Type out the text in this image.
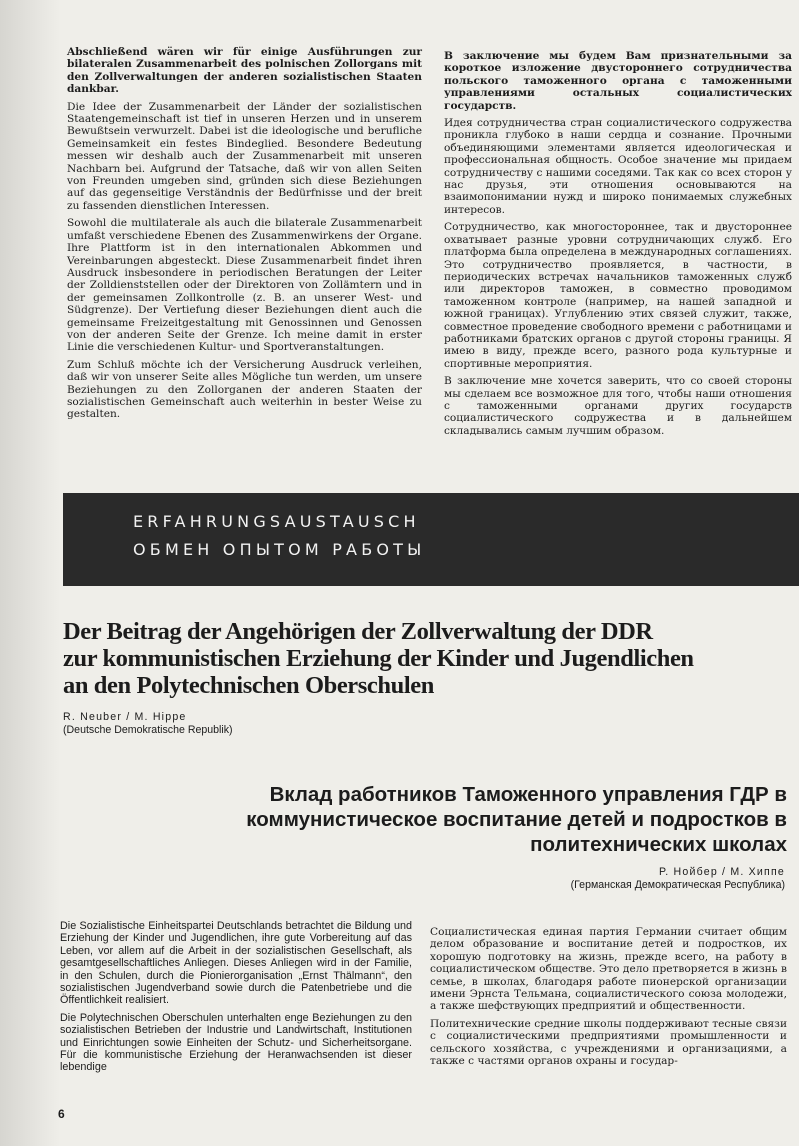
Abschließend wären wir für einige Ausführungen zur bilateralen Zusammenarbeit des polnischen Zollorgans mit den Zollverwaltungen der anderen sozialistischen Staaten dankbar.

Die Idee der Zusammenarbeit der Länder der sozialistischen Staatengemeinschaft ist tief in unseren Herzen und in unserem Bewußtsein verwurzelt. Dabei ist die ideologische und berufliche Gemeinsamkeit ein festes Bindeglied. Besondere Bedeutung messen wir deshalb auch der Zusammenarbeit mit unseren Nachbarn bei. Aufgrund der Tatsache, daß wir von allen Seiten von Freunden umgeben sind, gründen sich diese Beziehungen auf das gegenseitige Verständnis der Bedürfnisse und der breit zu fassenden dienstlichen Interessen.

Sowohl die multilaterale als auch die bilaterale Zusammenarbeit umfaßt verschiedene Ebenen des Zusammenwirkens der Organe. Ihre Plattform ist in den internationalen Abkommen und Vereinbarungen abgesteckt. Diese Zusammenarbeit findet ihren Ausdruck insbesondere in periodischen Beratungen der Leiter der Zolldienststellen oder der Direktoren von Zollämtern und in der gemeinsamen Zollkontrolle (z. B. an unserer West- und Südgrenze). Der Vertiefung dieser Beziehungen dient auch die gemeinsame Freizeitgestaltung mit Genossinnen und Genossen von der anderen Seite der Grenze. Ich meine damit in erster Linie die verschiedenen Kultur- und Sportveranstaltungen.

Zum Schluß möchte ich der Versicherung Ausdruck verleihen, daß wir von unserer Seite alles Mögliche tun werden, um unsere Beziehungen zu den Zollorganen der anderen Staaten der sozialistischen Gemeinschaft auch weiterhin in bester Weise zu gestalten.

В заключение мы будем Вам признательными за короткое изложение двустороннего сотрудничества польского таможенного органа с таможенными управлениями остальных социалистических государств.

Идея сотрудничества стран социалистического содружества проникла глубоко в наши сердца и сознание. Прочными объединяющими элементами является идеологическая и профессиональная общность. Особое значение мы придаем сотрудничеству с нашими соседями. Так как со всех сторон у нас друзья, эти отношения основываются на взаимопонимании нужд и широко понимаемых служебных интересов.

Сотрудничество, как многостороннее, так и двустороннее охватывает разные уровни сотрудничающих служб. Его платформа была определена в международных соглашениях. Это сотрудничество проявляется, в частности, в периодических встречах начальников таможенных служб или директоров таможен, в совместно проводимом таможенном контроле (например, на нашей западной и южной границах). Углублению этих связей служит, также, совместное проведение свободного времени с работницами и работниками братских органов с другой стороны границы. Я имею в виду, прежде всего, разного рода культурные и спортивные мероприятия.

В заключение мне хочется заверить, что со своей стороны мы сделаем все возможное для того, чтобы наши отношения с таможенными органами других государств социалистического содружества и в дальнейшем складывались самым лучшим образом.

ERFAHRUNGSAUSTAUSCH
ОБМЕН ОПЫТОМ РАБОТЫ
Der Beitrag der Angehörigen der Zollverwaltung der DDR
zur kommunistischen Erziehung der Kinder und Jugendlichen
an den Polytechnischen Oberschulen
R. Neuber / M. Hippe
(Deutsche Demokratische Republik)
Вклад работников Таможенного управления ГДР в
коммунистическое воспитание детей и подростков в
политехнических школах
Р. Нойбер / М. Хиппе
(Германская Демократическая Республика)

Die Sozialistische Einheitspartei Deutschlands betrachtet die Bildung und Erziehung der Kinder und Jugendlichen, ihre gute Vorbereitung auf das Leben, vor allem auf die Arbeit in der sozialistischen Gesellschaft, als gesamtgesellschaftliches Anliegen. Dieses Anliegen wird in der Familie, in den Schulen, durch die Pionierorganisation „Ernst Thälmann“, den sozialistischen Jugendverband sowie durch die Patenbetriebe und die Öffentlichkeit realisiert.

Die Polytechnischen Oberschulen unterhalten enge Beziehungen zu den sozialistischen Betrieben der Industrie und Landwirtschaft, Institutionen und Einrichtungen sowie Einheiten der Schutz- und Sicherheitsorgane. Für die kommunistische Erziehung der Heranwachsenden ist dieser lebendige

Социалистическая единая партия Германии считает общим делом образование и воспитание детей и подростков, их хорошую подготовку на жизнь, прежде всего, на работу в социалистическом обществе. Это дело претворяется в жизнь в семье, в школах, благодаря работе пионерской организации имени Эрнста Тельмана, социалистического союза молодежи, а также шефствующих предприятий и общественности.

Политехнические средние школы поддерживают тесные связи с социалистическими предприятиями промышленности и сельского хозяйства, с учреждениями и организациями, а также с частями органов охраны и государ-

6
